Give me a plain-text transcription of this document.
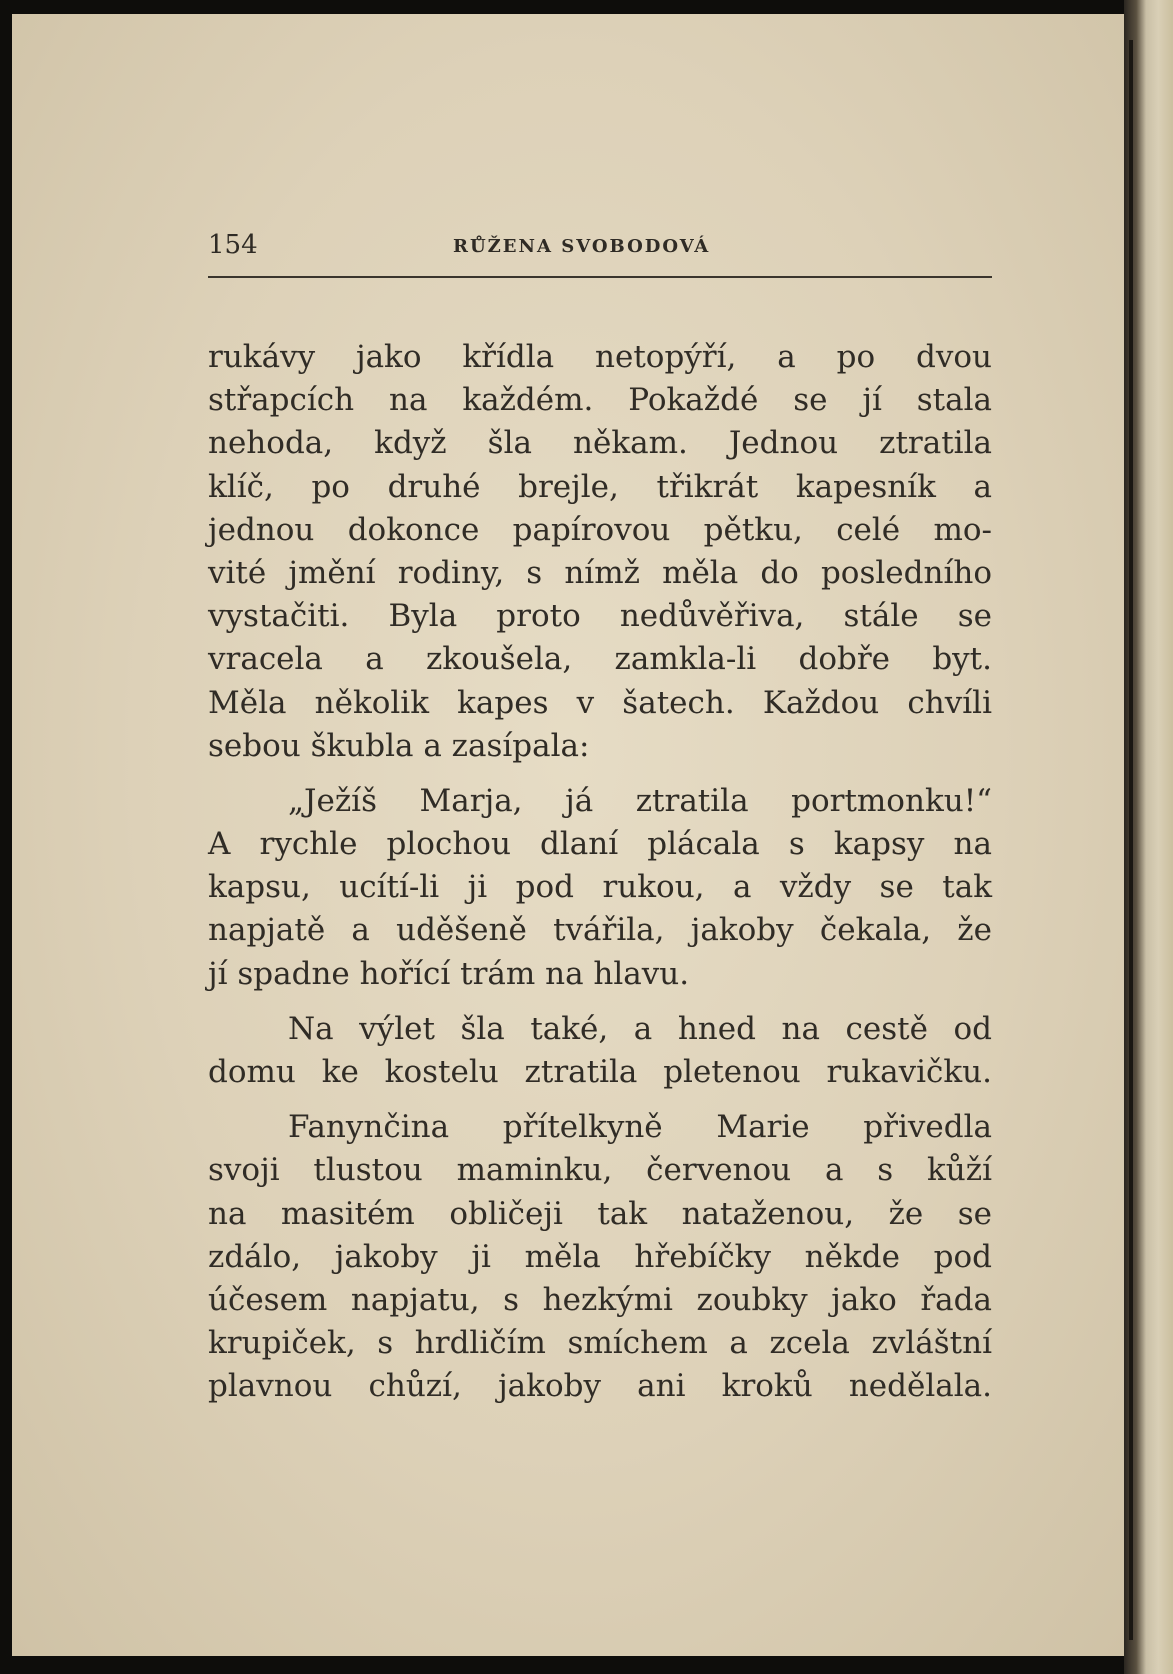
154	RŮŽENA SVOBODOVÁ
rukávy jako křídla netopýří, a po dvou
střapcích na každém. Pokaždé se jí stala
nehoda, když šla někam. Jednou ztratila
klíč, po druhé brejle, třikrát kapesník a
jednou dokonce papírovou pětku, celé mo-
vité jmění rodiny, s nímž měla do posledního
vystačiti. Byla proto nedůvěřiva, stále se
vracela a zkoušela, zamkla-li dobře byt.
Měla několik kapes v šatech. Každou chvíli
sebou škubla a zasípala:
„Ježíš Marja, já ztratila portmonku!“
A rychle plochou dlaní plácala s kapsy na
kapsu, ucítí-li ji pod rukou, a vždy se tak
napjatě a uděšeně tvářila, jakoby čekala, že
jí spadne hořící trám na hlavu.
Na výlet šla také, a hned na cestě od
domu ke kostelu ztratila pletenou rukavičku.
Fanynčina přítelkyně Marie přivedla
svoji tlustou maminku, červenou a s kůží
na masitém obličeji tak nataženou, že se
zdálo, jakoby ji měla hřebíčky někde pod
účesem napjatu, s hezkými zoubky jako řada
krupiček, s hrdličím smíchem a zcela zvláštní
plavnou chůzí, jakoby ani kroků nedělala.
